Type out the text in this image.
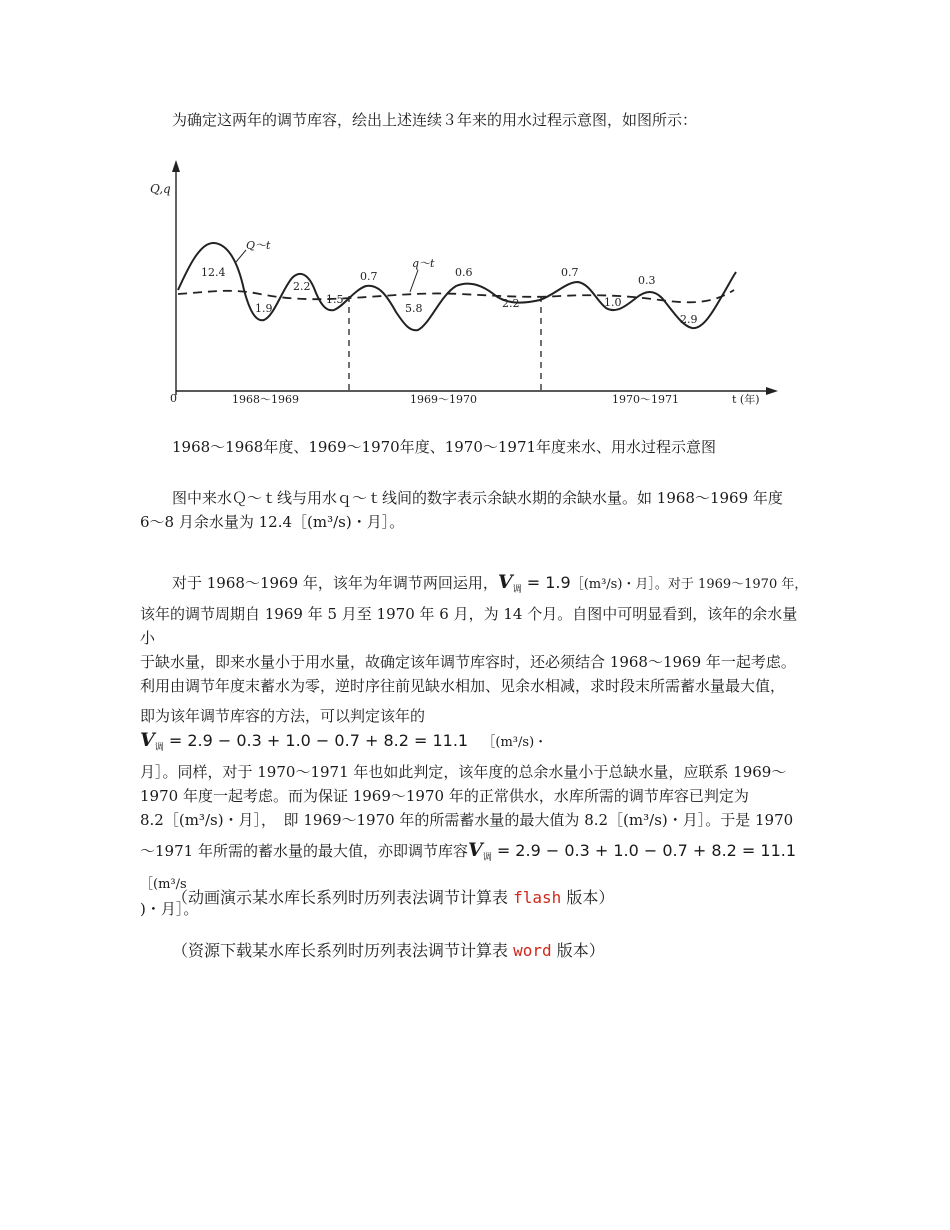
为确定这两年的调节库容，绘出上述连续３年来的用水过程示意图，如图所示：
Q,q
0	t (年)
Q～t
q～t
12.4
1.9
2.2
1.5
0.7
5.8
0.6
2.2
0.7
1.0
0.3
2.9
1968～1969	1969～1970	1970～1971
1968～1968年度、1969～1970年度、1970～1971年度来水、用水过程示意图
图中来水Ｑ～ｔ线与用水ｑ～ｔ线间的数字表示余缺水期的余缺水量。如 1968～1969 年度
6～8 月余水量为 12.4［(m³/s)・月］。
对于 1968～1969 年，该年为年调节两回运用，$V_调$ = 1.9［(m³/s)・月］。对于 1969～1970 年，
该年的调节周期自 1969 年 5 月至 1970 年 6 月，为 14 个月。自图中可明显看到，该年的余水量小
于缺水量，即来水量小于用水量，故确定该年调节库容时，还必须结合 1968～1969 年一起考虑。
利用由调节年度末蓄水为零，逆时序往前见缺水相加、见余水相减，求时段末所需蓄水量最大值，
即为该年调节库容的方法，可以判定该年的$V_调 = 2.9 - 0.3 + 1.0 - 0.7 + 8.2 = 11.1$ ［(m³/s)・
月］。同样，对于 1970～1971 年也如此判定，该年度的总余水量小于总缺水量，应联系 1969～
1970 年度一起考虑。而为保证 1969～1970 年的正常供水，水库所需的调节库容已判定为
8.2［(m³/s)・月］，　即 1969～1970 年的所需蓄水量的最大值为 8.2［(m³/s)・月］。于是 1970
～1971 年所需的蓄水量的最大值，亦即调节库容$V_调 = 2.9 - 0.3 + 1.0 - 0.7 + 8.2$ = 11.1［(m³/s
)・月］。
（动画演示某水库长系列时历列表法调节计算表 flash 版本）
（资源下载某水库长系列时历列表法调节计算表 word 版本）
